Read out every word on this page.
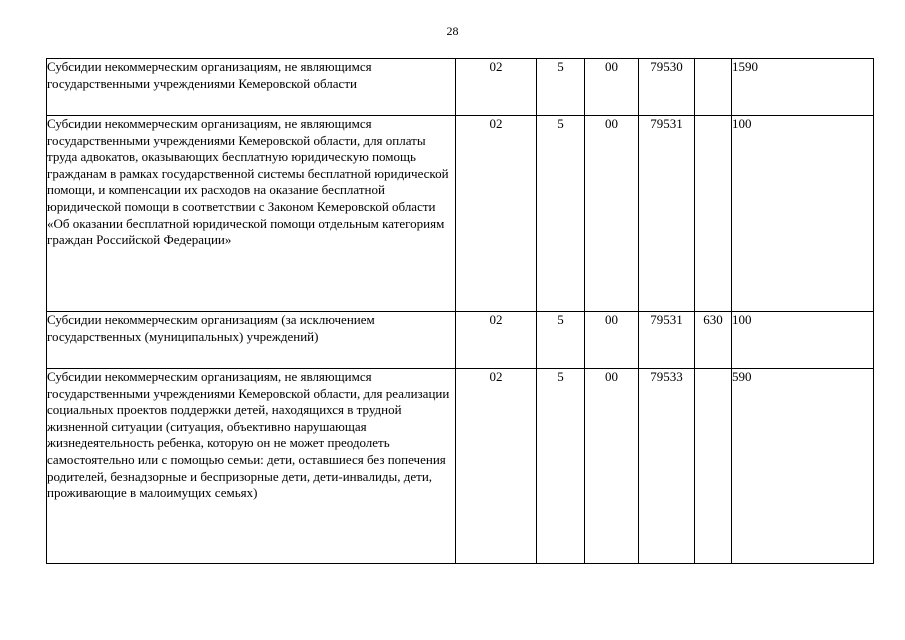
28
Субсидии некоммерческим организациям, не являющимся государственными учреждениями Кемеровской области	02	5	00	79530		1590
Субсидии некоммерческим организациям, не являющимся государственными учреждениями Кемеровской области, для оплаты труда адвокатов, оказывающих бесплатную юридическую помощь гражданам в рамках государственной системы бесплатной юридической помощи, и компенсации их расходов на оказание бесплатной юридической помощи в соответствии с Законом Кемеровской области «Об оказании бесплатной юридической помощи отдельным категориям граждан Российской Федерации»	02	5	00	79531		100
Субсидии некоммерческим организациям (за исключением государственных (муниципальных) учреждений)	02	5	00	79531	630	100
Субсидии некоммерческим организациям, не являющимся государственными учреждениями Кемеровской области, для реализации социальных проектов поддержки детей, находящихся в трудной жизненной ситуации (ситуация, объективно нарушающая жизнедеятельность ребенка, которую он не может преодолеть самостоятельно или с помощью семьи: дети, оставшиеся без попечения родителей, безнадзорные и беспризорные дети, дети-инвалиды, дети, проживающие в малоимущих семьях)	02	5	00	79533		590
